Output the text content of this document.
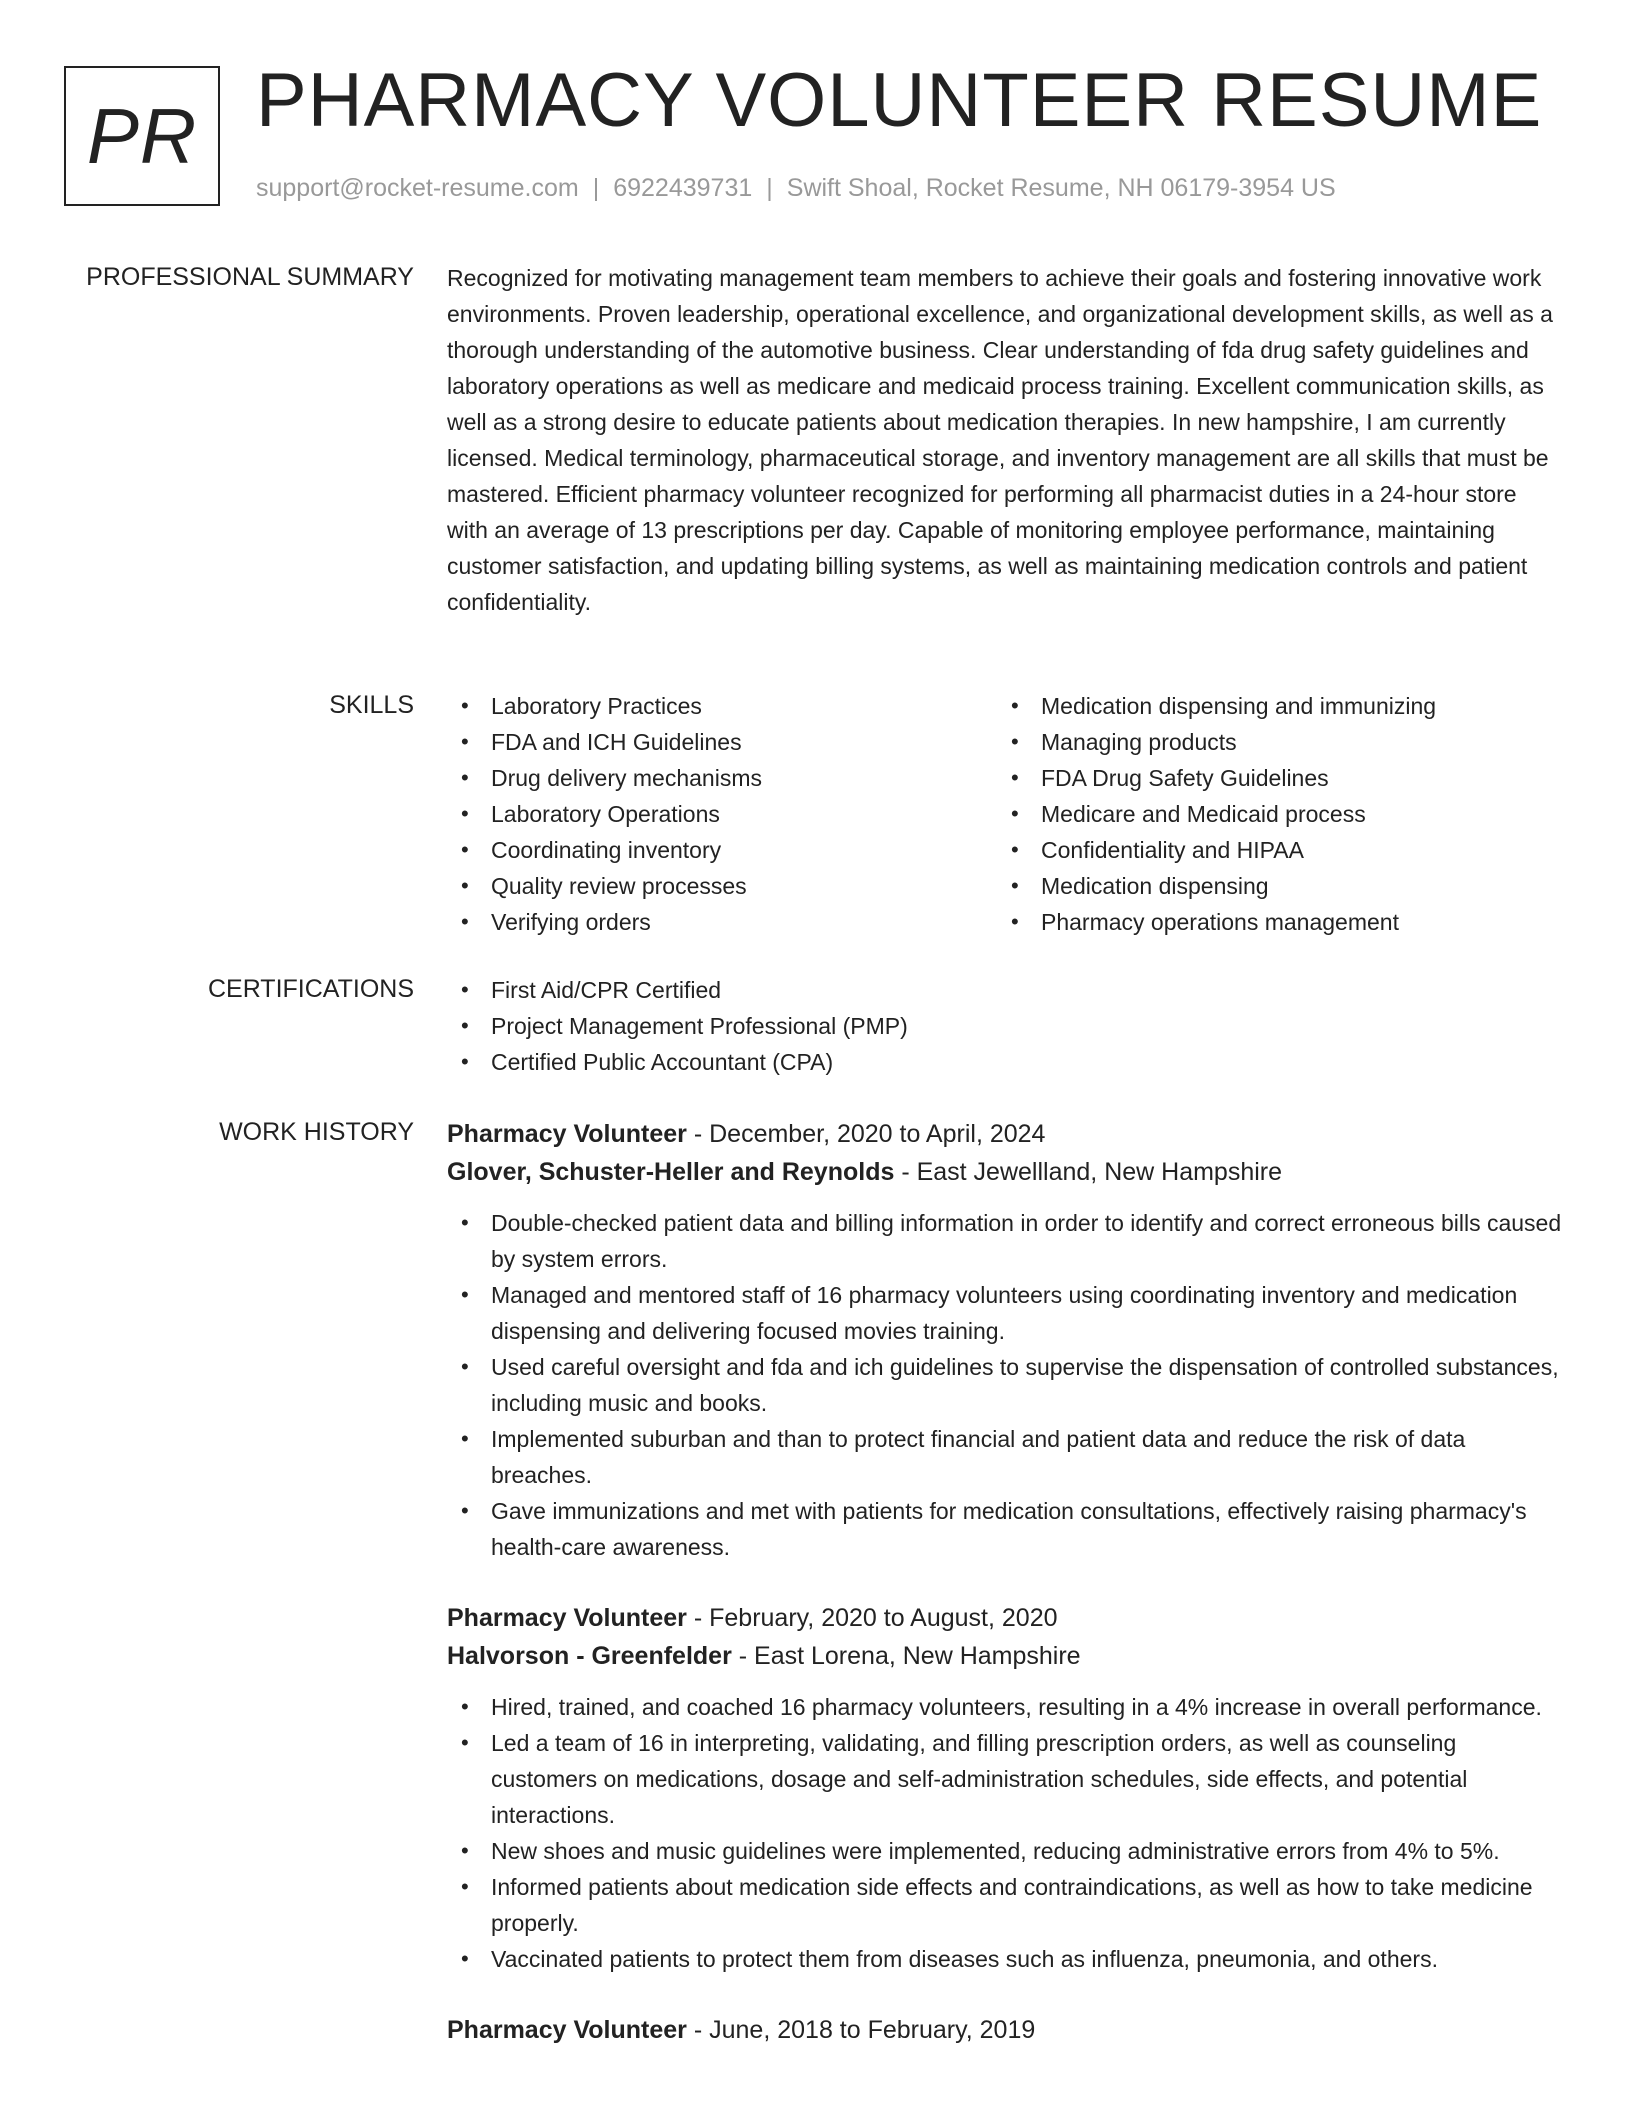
PR PHARMACY VOLUNTEER RESUME
support@rocket-resume.com | 6922439731 | Swift Shoal, Rocket Resume, NH 06179-3954 US
PROFESSIONAL SUMMARY Recognized for motivating management team members to achieve their goals and fostering innovative work environments. Proven leadership, operational excellence, and organizational development skills, as well as a thorough understanding of the automotive business. Clear understanding of fda drug safety guidelines and laboratory operations as well as medicare and medicaid process training. Excellent communication skills, as well as a strong desire to educate patients about medication therapies. In new hampshire, I am currently licensed. Medical terminology, pharmaceutical storage, and inventory management are all skills that must be mastered. Efficient pharmacy volunteer recognized for performing all pharmacist duties in a 24-hour store with an average of 13 prescriptions per day. Capable of monitoring employee performance, maintaining customer satisfaction, and updating billing systems, as well as maintaining medication controls and patient confidentiality.

SKILLS	• Laboratory Practices
• FDA and ICH Guidelines
• Drug delivery mechanisms
• Laboratory Operations
• Coordinating inventory
• Quality review processes
• Verifying orders
• Medication dispensing and immunizing
• Managing products
• FDA Drug Safety Guidelines
• Medicare and Medicaid process
• Confidentiality and HIPAA
• Medication dispensing
• Pharmacy operations management
CERTIFICATIONS	• First Aid/CPR Certified
• Project Management Professional (PMP)
• Certified Public Accountant (CPA)
WORK HISTORY Pharmacy Volunteer - December, 2020 to April, 2024
Glover, Schuster-Heller and Reynolds - East Jewellland, New Hampshire
• Double-checked patient data and billing information in order to identify and correct erroneous bills caused by system errors.
• Managed and mentored staff of 16 pharmacy volunteers using coordinating inventory and medication dispensing and delivering focused movies training.
• Used careful oversight and fda and ich guidelines to supervise the dispensation of controlled substances, including music and books.
• Implemented suburban and than to protect financial and patient data and reduce the risk of data breaches.
• Gave immunizations and met with patients for medication consultations, effectively raising pharmacy's health-care awareness.
Pharmacy Volunteer - February, 2020 to August, 2020
Halvorson - Greenfelder - East Lorena, New Hampshire
• Hired, trained, and coached 16 pharmacy volunteers, resulting in a 4% increase in overall performance.
• Led a team of 16 in interpreting, validating, and filling prescription orders, as well as counseling customers on medications, dosage and self-administration schedules, side effects, and potential interactions.
• New shoes and music guidelines were implemented, reducing administrative errors from 4% to 5%.
• Informed patients about medication side effects and contraindications, as well as how to take medicine properly.
• Vaccinated patients to protect them from diseases such as influenza, pneumonia, and others.
Pharmacy Volunteer - June, 2018 to February, 2019
